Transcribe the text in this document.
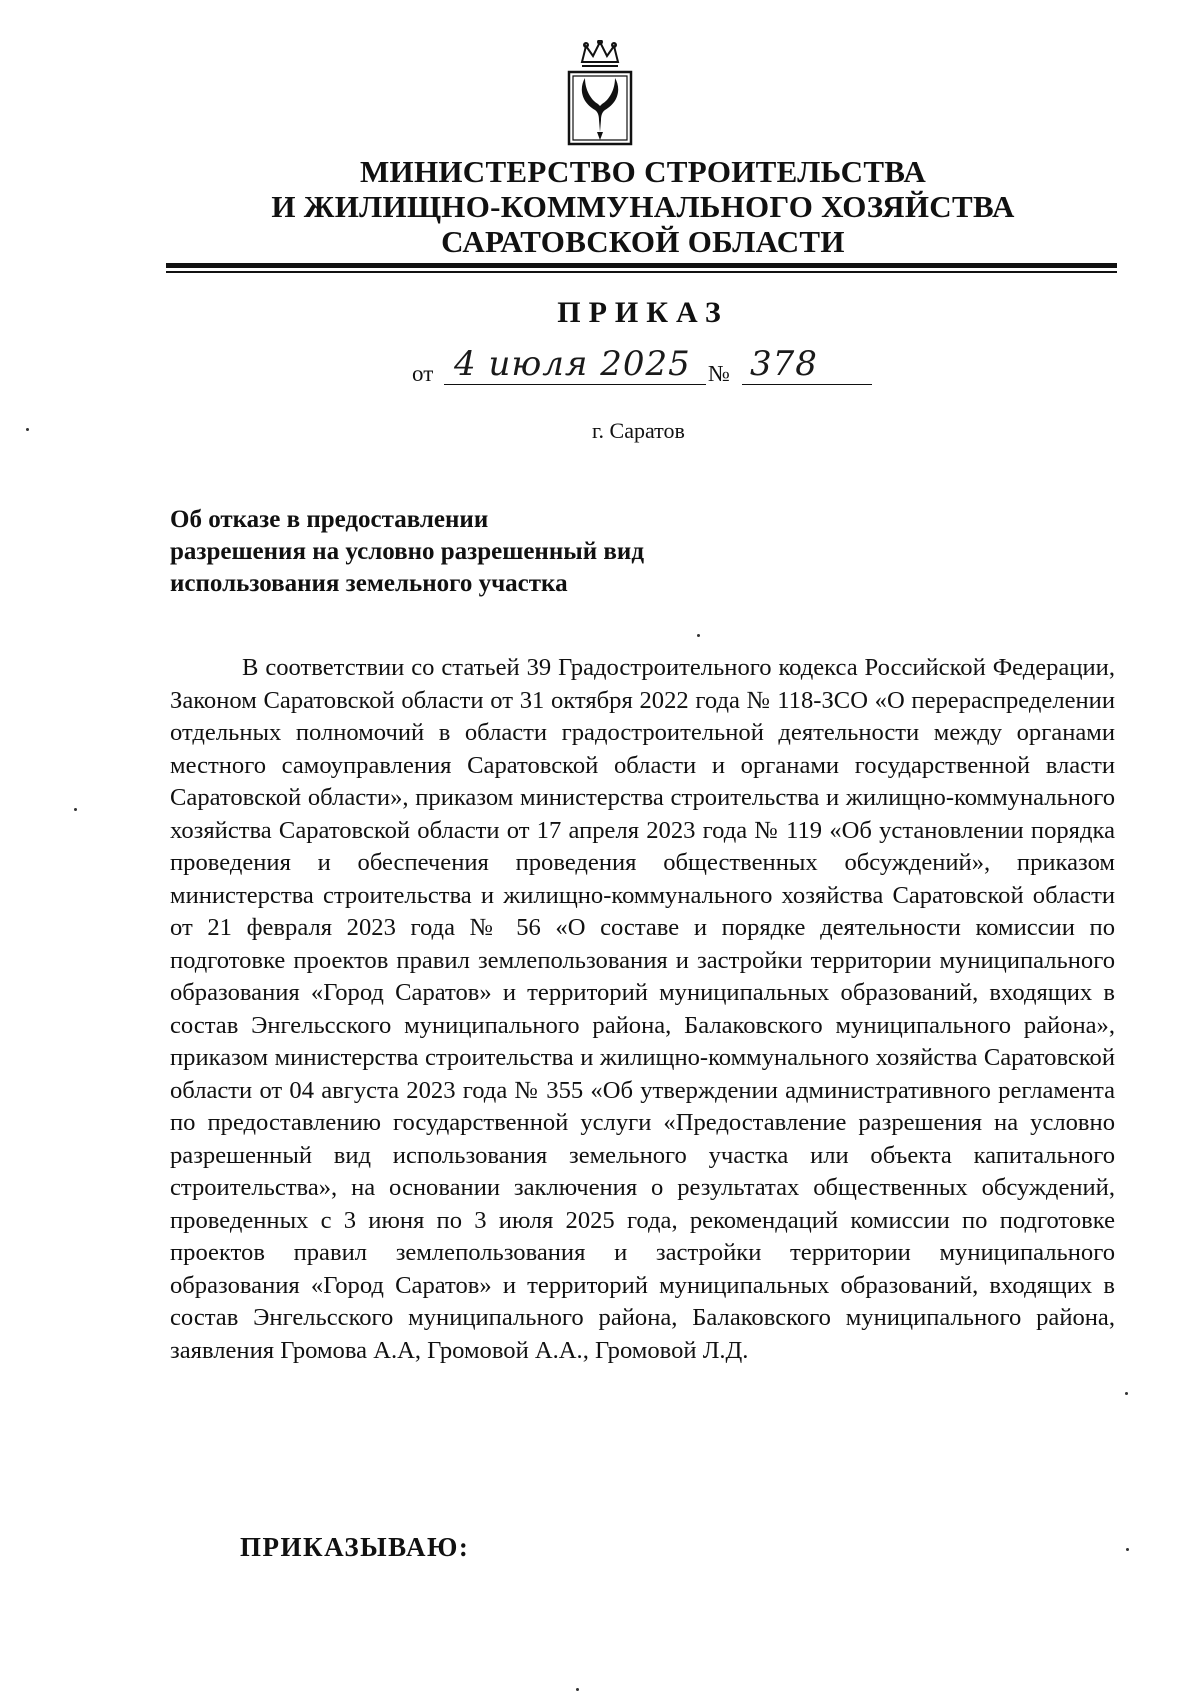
МИНИСТЕРСТВО СТРОИТЕЛЬСТВА
И ЖИЛИЩНО-КОММУНАЛЬНОГО ХОЗЯЙСТВА
САРАТОВСКОЙ ОБЛАСТИ
ПРИКАЗ
от 4 июля 2025 № 378
г. Саратов
Об отказе в предоставлении
разрешения на условно разрешенный вид
использования земельного участка
В соответствии со статьей 39 Градостроительного кодекса Российской Федерации, Законом Саратовской области от 31 октября 2022 года № 118-ЗСО «О перераспределении отдельных полномочий в области градостроительной деятельности между органами местного самоуправления Саратовской области и органами государственной власти Саратовской области», приказом министерства строительства и жилищно-коммунального хозяйства Саратовской области от 17 апреля 2023 года № 119 «Об установлении порядка проведения и обеспечения проведения общественных обсуждений», приказом министерства строительства и жилищно-коммунального хозяйства Саратовской области от 21 февраля 2023 года № 56 «О составе и порядке деятельности комиссии по подготовке проектов правил землепользования и застройки территории муниципального образования «Город Саратов» и территорий муниципальных образований, входящих в состав Энгельсского муниципального района, Балаковского муниципального района», приказом министерства строительства и жилищно-коммунального хозяйства Саратовской области от 04 августа 2023 года № 355 «Об утверждении административного регламента по предоставлению государственной услуги «Предоставление разрешения на условно разрешенный вид использования земельного участка или объекта капитального строительства», на основании заключения о результатах общественных обсуждений, проведенных с 3 июня по 3 июля 2025 года, рекомендаций комиссии по подготовке проектов правил землепользования и застройки территории муниципального образования «Город Саратов» и территорий муниципальных образований, входящих в состав Энгельсского муниципального района, Балаковского муниципального района, заявления Громова А.А, Громовой А.А., Громовой Л.Д.
ПРИКАЗЫВАЮ:
